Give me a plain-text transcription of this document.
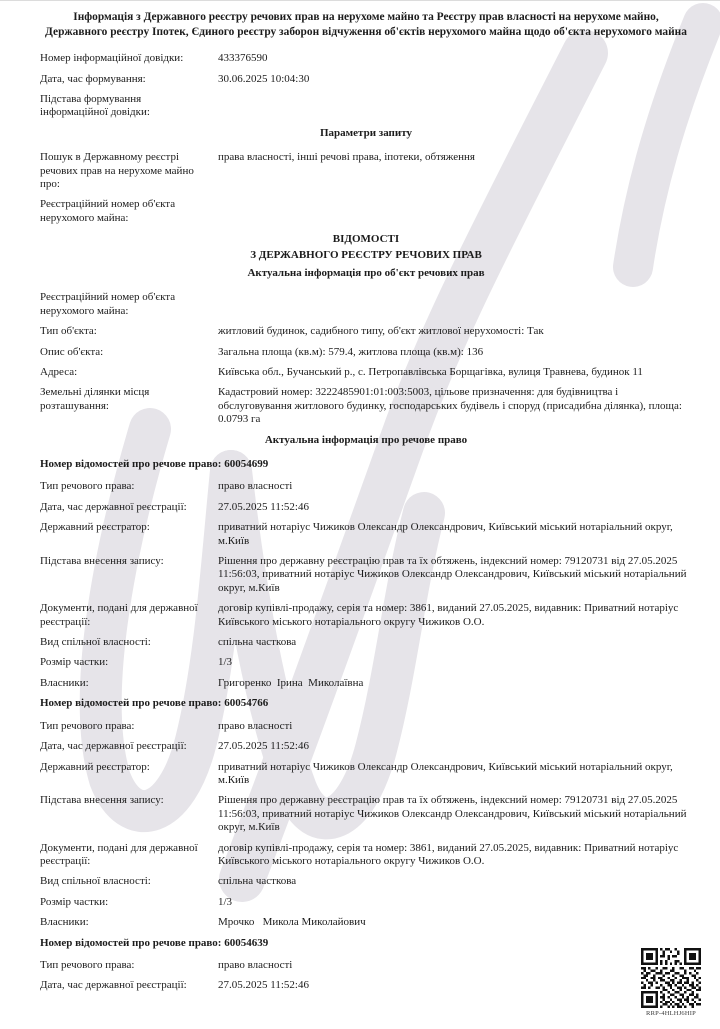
Інформація з Державного реєстру речових прав на нерухоме майно та Реєстру прав власності на нерухоме майно, Державного реєстру Іпотек, Єдиного реєстру заборон відчуження об'єктів нерухомого майна щодо об'єкта нерухомого майна
Номер інформаційної довідки:	433376590
Дата, час формування:	30.06.2025 10:04:30
Підстава формування інформаційної довідки:
Параметри запиту
Пошук в Державному реєстрі речових прав на нерухоме майно про:
права власності, інші речові права, іпотеки, обтяження
Реєстраційний номер об'єкта нерухомого майна:
ВІДОМОСТІ
З ДЕРЖАВНОГО РЕЄСТРУ РЕЧОВИХ ПРАВ
Актуальна інформація про об'єкт речових прав
Реєстраційний номер об'єкта нерухомого майна:
Тип об'єкта:	житловий будинок, садибного типу, об'єкт житлової нерухомості: Так
Опис об'єкта:	Загальна площа (кв.м): 579.4, житлова площа (кв.м): 136
Адреса:	Київська обл., Бучанський р., с. Петропавлівська Борщагівка, вулиця Травнева, будинок 11
Земельні ділянки місця розташування:
Кадастровий номер: 3222485901:01:003:5003, цільове призначення: для будівництва і обслуговування житлового будинку, господарських будівель і споруд (присадибна ділянка), площа: 0.0793 га
Актуальна інформація про речове право
Номер відомостей про речове право: 60054699
Тип речового права:	право власності
Дата, час державної реєстрації:	27.05.2025 11:52:46
Державний реєстратор:	приватний нотаріус Чижиков Олександр Олександрович, Київський міський нотаріальний округ, м.Київ
Підстава внесення запису:	Рішення про державну реєстрацію прав та їх обтяжень, індексний номер: 79120731 від 27.05.2025 11:56:03, приватний нотаріус Чижиков Олександр Олександрович, Київський міський нотаріальний округ, м.Київ
Документи, подані для державної реєстрації:
договір купівлі-продажу, серія та номер: 3861, виданий 27.05.2025, видавник: Приватний нотаріус Київського міського нотаріального округу Чижиков О.О.
Вид спільної власності:	спільна часткова
Розмір частки:	1/3
Власники:	Григоренко  Ірина  Миколаївна
Номер відомостей про речове право: 60054766
Тип речового права:	право власності
Дата, час державної реєстрації:	27.05.2025 11:52:46
Державний реєстратор:	приватний нотаріус Чижиков Олександр Олександрович, Київський міський нотаріальний округ, м.Київ
Підстава внесення запису:	Рішення про державну реєстрацію прав та їх обтяжень, індексний номер: 79120731 від 27.05.2025 11:56:03, приватний нотаріус Чижиков Олександр Олександрович, Київський міський нотаріальний округ, м.Київ
Документи, подані для державної реєстрації:
договір купівлі-продажу, серія та номер: 3861, виданий 27.05.2025, видавник: Приватний нотаріус Київського міського нотаріального округу Чижиков О.О.
Вид спільної власності:	спільна часткова
Розмір частки:	1/3
Власники:	Мрочко   Микола Миколайович
Номер відомостей про речове право: 60054639
Тип речового права:	право власності
Дата, час державної реєстрації:	27.05.2025 11:52:46
RRP-4HLHJ6HIP
